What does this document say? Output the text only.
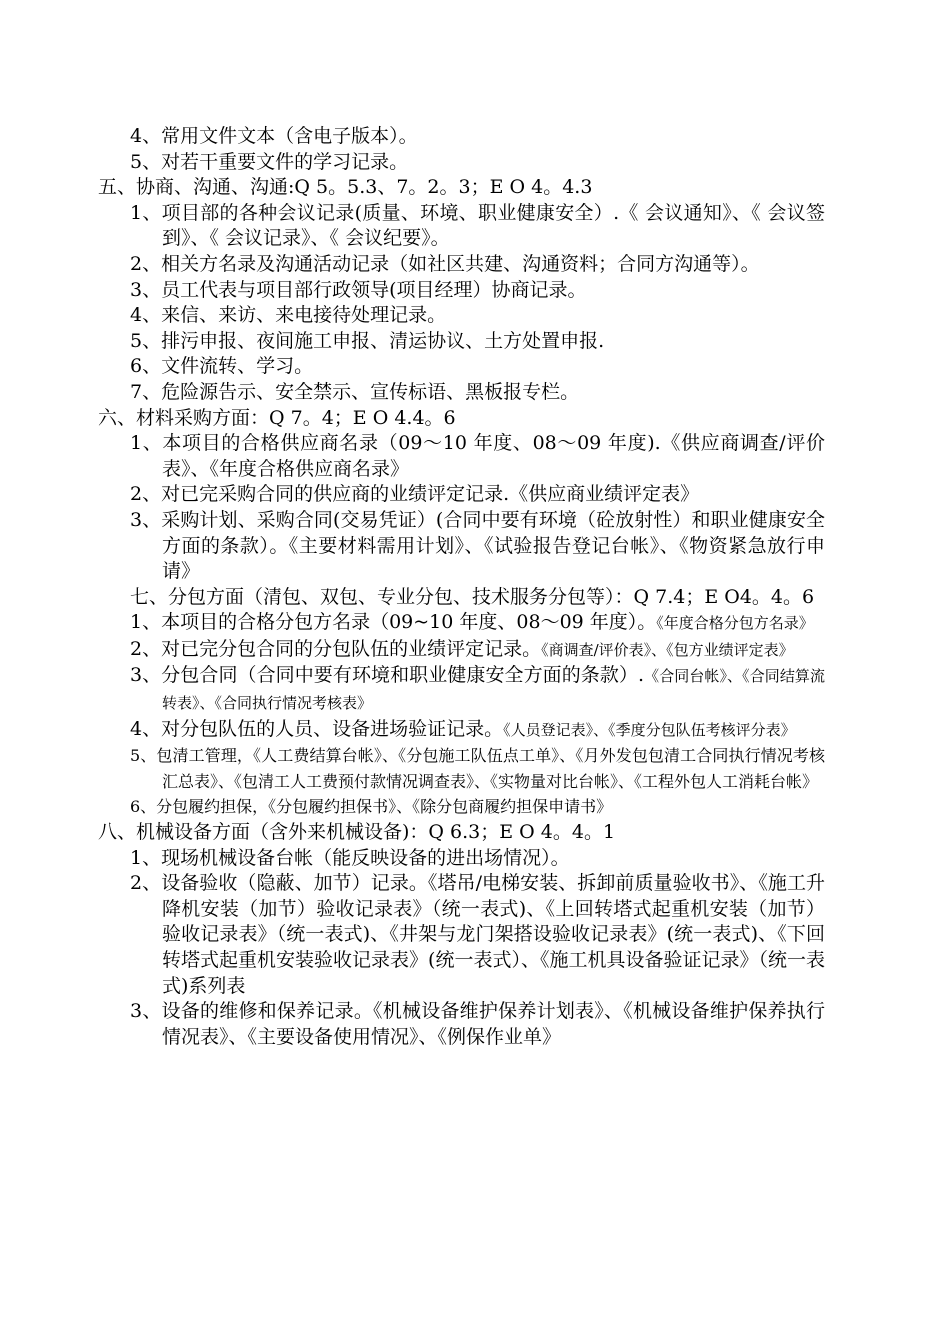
4、常用文件文本（含电子版本）。
5、对若干重要文件的学习记录。
五、协商、沟通、沟通:Q 5。5.3、7。2。3；E O 4。4.3
1、项目部的各种会议记录(质量、环境、职业健康安全）.《 会议通知》、《 会议签到》、《 会议记录》、《 会议纪要》。
2、相关方名录及沟通活动记录（如社区共建、沟通资料；合同方沟通等）。
3、员工代表与项目部行政领导(项目经理）协商记录。
4、来信、来访、来电接待处理记录。
5、排污申报、夜间施工申报、清运协议、土方处置申报.
6、文件流转、学习。
7、危险源告示、安全禁示、宣传标语、黑板报专栏。
六、材料采购方面：Q 7。4；E O 4.4。6
1、本项目的合格供应商名录（09～10 年度、08～09 年度).《供应商调查/评价表》、《年度合格供应商名录》
2、对已完采购合同的供应商的业绩评定记录.《供应商业绩评定表》
3、采购计划、采购合同(交易凭证）(合同中要有环境（砼放射性）和职业健康安全方面的条款）。《主要材料需用计划》、《试验报告登记台帐》、《物资紧急放行申请》
七、分包方面（清包、双包、专业分包、技术服务分包等）：Q 7.4；E O4。4。6
1、本项目的合格分包方名录（09~10 年度、08～09 年度）。《年度合格分包方名录》
2、对已完分包合同的分包队伍的业绩评定记录。《商调查/评价表》、《包方业绩评定表》
3、分包合同（合同中要有环境和职业健康安全方面的条款）.《合同台帐》、《合同结算流转表》、《合同执行情况考核表》
4、对分包队伍的人员、设备进场验证记录。《人员登记表》、《季度分包队伍考核评分表》
5、包清工管理，《人工费结算台帐》、《分包施工队伍点工单》、《月外发包包清工合同执行情况考核汇总表》、《包清工人工费预付款情况调查表》、《实物量对比台帐》、《工程外包人工消耗台帐》
6、分包履约担保，《分包履约担保书》、《除分包商履约担保申请书》
八、机械设备方面（含外来机械设备)：Q 6.3；E O 4。4。1
1、现场机械设备台帐（能反映设备的进出场情况）。
2、设备验收（隐蔽、加节）记录。《塔吊/电梯安装、拆卸前质量验收书》、《施工升降机安装（加节）验收记录表》（统一表式)、《上回转塔式起重机安装（加节）验收记录表》（统一表式)、《井架与龙门架搭设验收记录表》(统一表式)、《下回转塔式起重机安装验收记录表》(统一表式）、《施工机具设备验证记录》（统一表式)系列表
3、设备的维修和保养记录。《机械设备维护保养计划表》、《机械设备维护保养执行情况表》、《主要设备使用情况》、《例保作业单》
